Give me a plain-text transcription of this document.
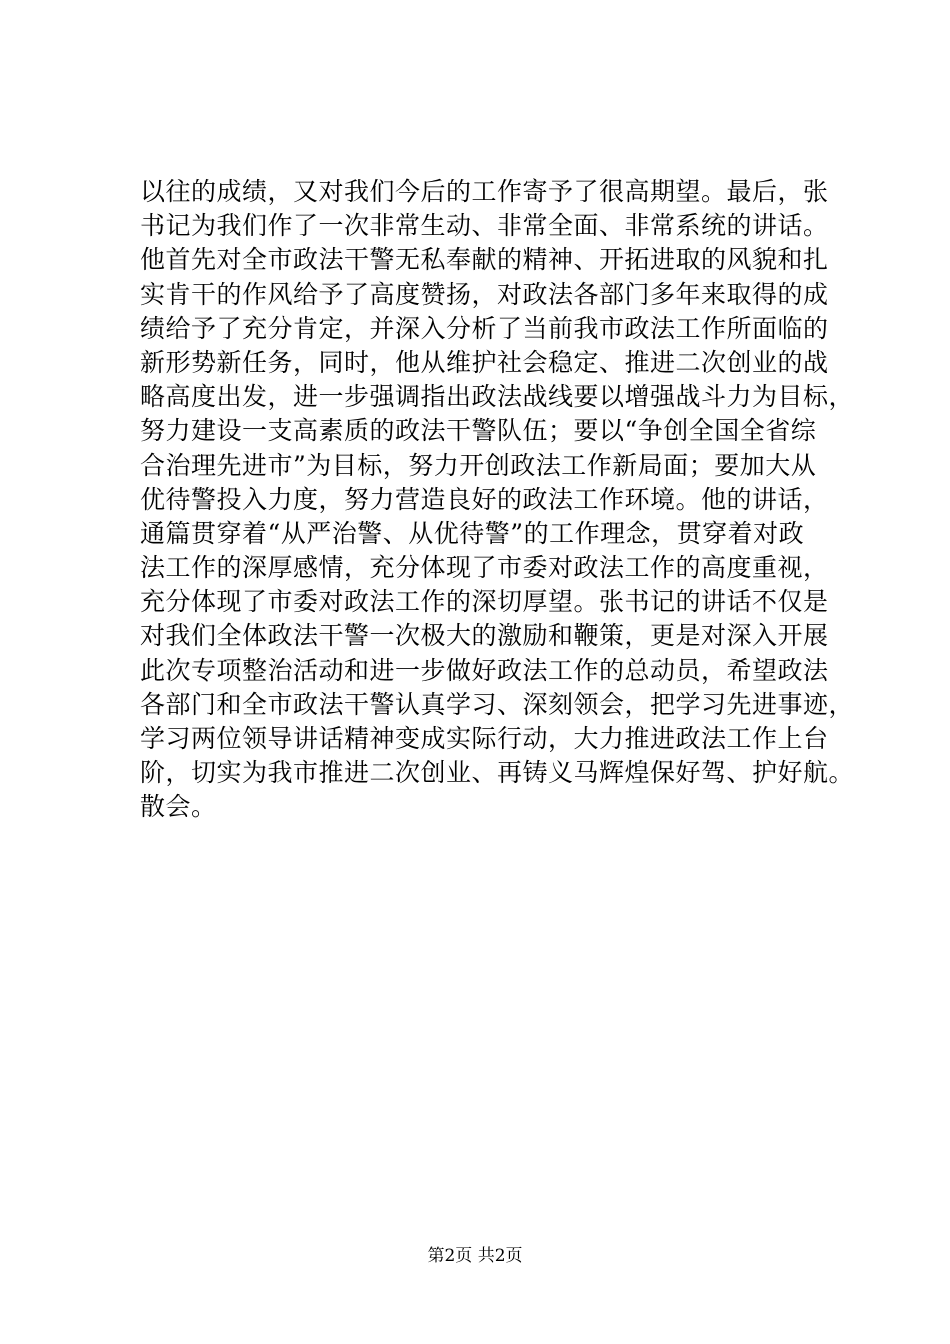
以往的成绩，又对我们今后的工作寄予了很高期望。最后，张
书记为我们作了一次非常生动、非常全面、非常系统的讲话。
他首先对全市政法干警无私奉献的精神、开拓进取的风貌和扎
实肯干的作风给予了高度赞扬，对政法各部门多年来取得的成
绩给予了充分肯定，并深入分析了当前我市政法工作所面临的
新形势新任务，同时，他从维护社会稳定、推进二次创业的战
略高度出发，进一步强调指出政法战线要以增强战斗力为目标，
努力建设一支高素质的政法干警队伍；要以“争创全国全省综
合治理先进市”为目标，努力开创政法工作新局面；要加大从
优待警投入力度，努力营造良好的政法工作环境。他的讲话，
通篇贯穿着“从严治警、从优待警”的工作理念，贯穿着对政
法工作的深厚感情，充分体现了市委对政法工作的高度重视，
充分体现了市委对政法工作的深切厚望。张书记的讲话不仅是
对我们全体政法干警一次极大的激励和鞭策，更是对深入开展
此次专项整治活动和进一步做好政法工作的总动员，希望政法
各部门和全市政法干警认真学习、深刻领会，把学习先进事迹，
学习两位领导讲话精神变成实际行动，大力推进政法工作上台
阶，切实为我市推进二次创业、再铸义马辉煌保好驾、护好航。
散会。
第2页 共2页
